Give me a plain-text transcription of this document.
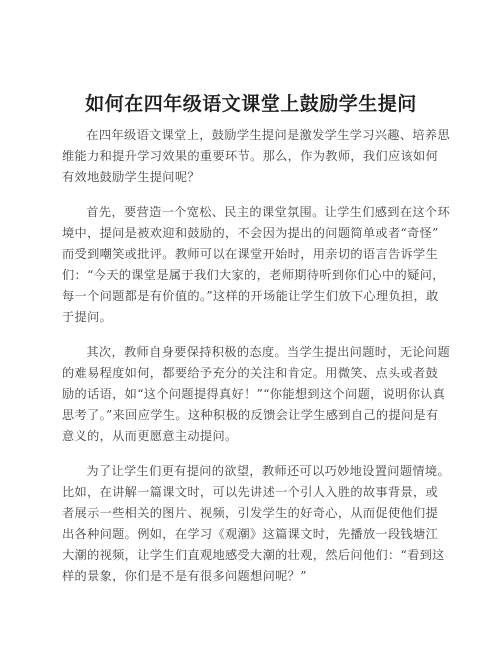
如何在四年级语文课堂上鼓励学生提问

在四年级语文课堂上，鼓励学生提问是激发学生学习兴趣、培养思
维能力和提升学习效果的重要环节。那么，作为教师，我们应该如何
有效地鼓励学生提问呢？

首先，要营造一个宽松、民主的课堂氛围。让学生们感到在这个环
境中，提问是被欢迎和鼓励的，不会因为提出的问题简单或者“奇怪”
而受到嘲笑或批评。教师可以在课堂开始时，用亲切的语言告诉学生
们：“今天的课堂是属于我们大家的，老师期待听到你们心中的疑问，
每一个问题都是有价值的。”这样的开场能让学生们放下心理负担，敢
于提问。

其次，教师自身要保持积极的态度。当学生提出问题时，无论问题
的难易程度如何，都要给予充分的关注和肯定。用微笑、点头或者鼓
励的话语，如“这个问题提得真好！”“你能想到这个问题，说明你认真
思考了。”来回应学生。这种积极的反馈会让学生感到自己的提问是有
意义的，从而更愿意主动提问。

为了让学生们更有提问的欲望，教师还可以巧妙地设置问题情境。
比如，在讲解一篇课文时，可以先讲述一个引人入胜的故事背景，或
者展示一些相关的图片、视频，引发学生的好奇心，从而促使他们提
出各种问题。例如，在学习《观潮》这篇课文时，先播放一段钱塘江
大潮的视频，让学生们直观地感受大潮的壮观，然后问他们：“看到这
样的景象，你们是不是有很多问题想问呢？”
